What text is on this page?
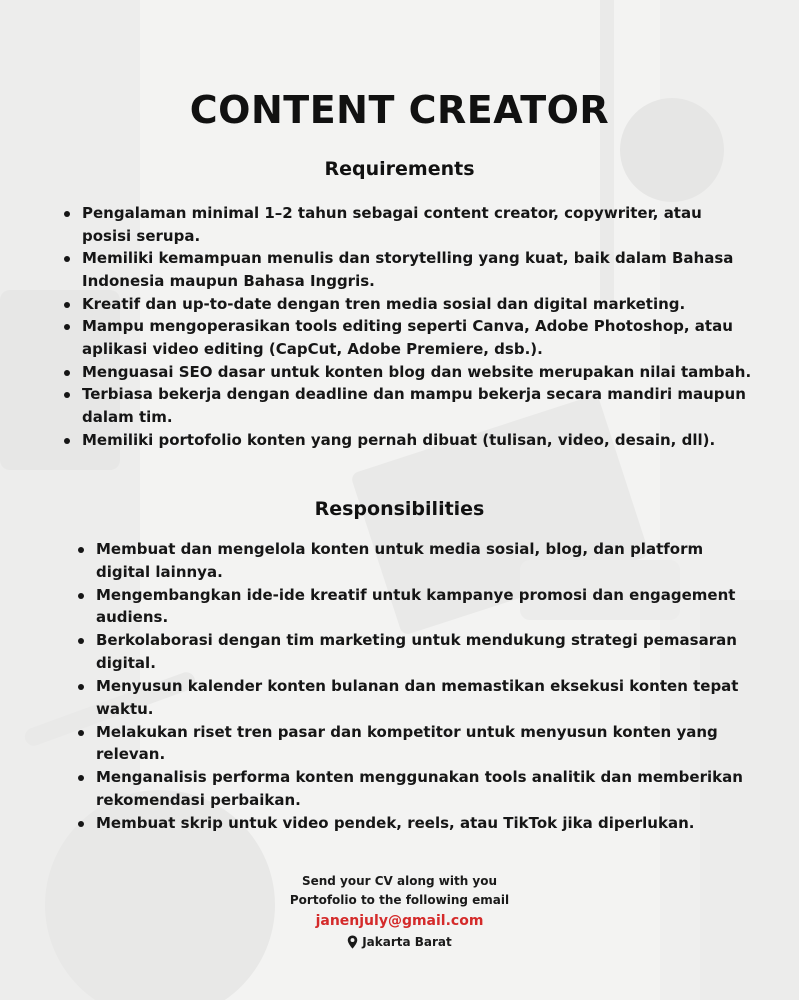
CONTENT CREATOR
Requirements
Pengalaman minimal 1–2 tahun sebagai content creator, copywriter, atau posisi serupa.
Memiliki kemampuan menulis dan storytelling yang kuat, baik dalam Bahasa Indonesia maupun Bahasa Inggris.
Kreatif dan up-to-date dengan tren media sosial dan digital marketing.
Mampu mengoperasikan tools editing seperti Canva, Adobe Photoshop, atau aplikasi video editing (CapCut, Adobe Premiere, dsb.).
Menguasai SEO dasar untuk konten blog dan website merupakan nilai tambah.
Terbiasa bekerja dengan deadline dan mampu bekerja secara mandiri maupun dalam tim.
Memiliki portofolio konten yang pernah dibuat (tulisan, video, desain, dll).
Responsibilities
Membuat dan mengelola konten untuk media sosial, blog, dan platform digital lainnya.
Mengembangkan ide-ide kreatif untuk kampanye promosi dan engagement audiens.
Berkolaborasi dengan tim marketing untuk mendukung strategi pemasaran digital.
Menyusun kalender konten bulanan dan memastikan eksekusi konten tepat waktu.
Melakukan riset tren pasar dan kompetitor untuk menyusun konten yang relevan.
Menganalisis performa konten menggunakan tools analitik dan memberikan rekomendasi perbaikan.
Membuat skrip untuk video pendek, reels, atau TikTok jika diperlukan.
Send your CV along with you
Portofolio to the following email
janenjuly@gmail.com
Jakarta Barat
